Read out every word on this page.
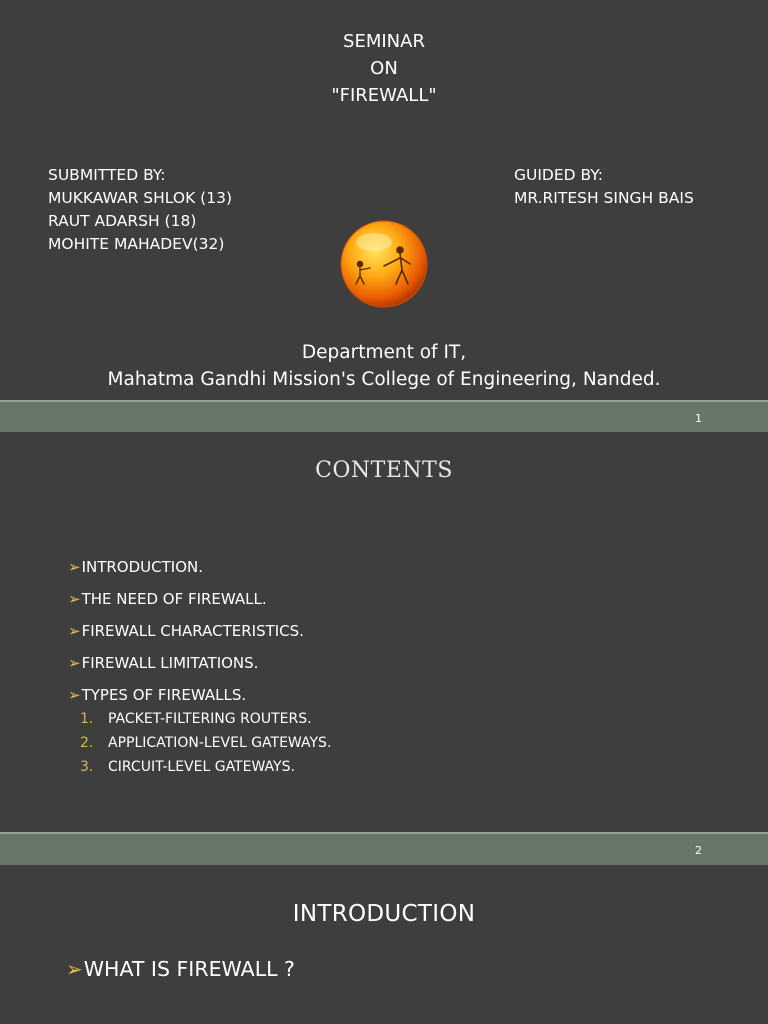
SEMINAR
ON
"FIREWALL"
SUBMITTED BY:
MUKKAWAR SHLOK (13)
RAUT ADARSH (18)
MOHITE MAHADEV(32)
GUIDED BY:
MR.RITESH SINGH BAIS
Department of IT,
Mahatma Gandhi Mission's College of Engineering, Nanded.
1
CONTENTS
➢ INTRODUCTION.
➢ THE NEED OF FIREWALL.
➢ FIREWALL CHARACTERISTICS.
➢ FIREWALL LIMITATIONS.
➢ TYPES OF FIREWALLS.
1. PACKET-FILTERING ROUTERS.
2. APPLICATION-LEVEL GATEWAYS.
3. CIRCUIT-LEVEL GATEWAYS.
2
INTRODUCTION
➢WHAT IS FIREWALL ?
